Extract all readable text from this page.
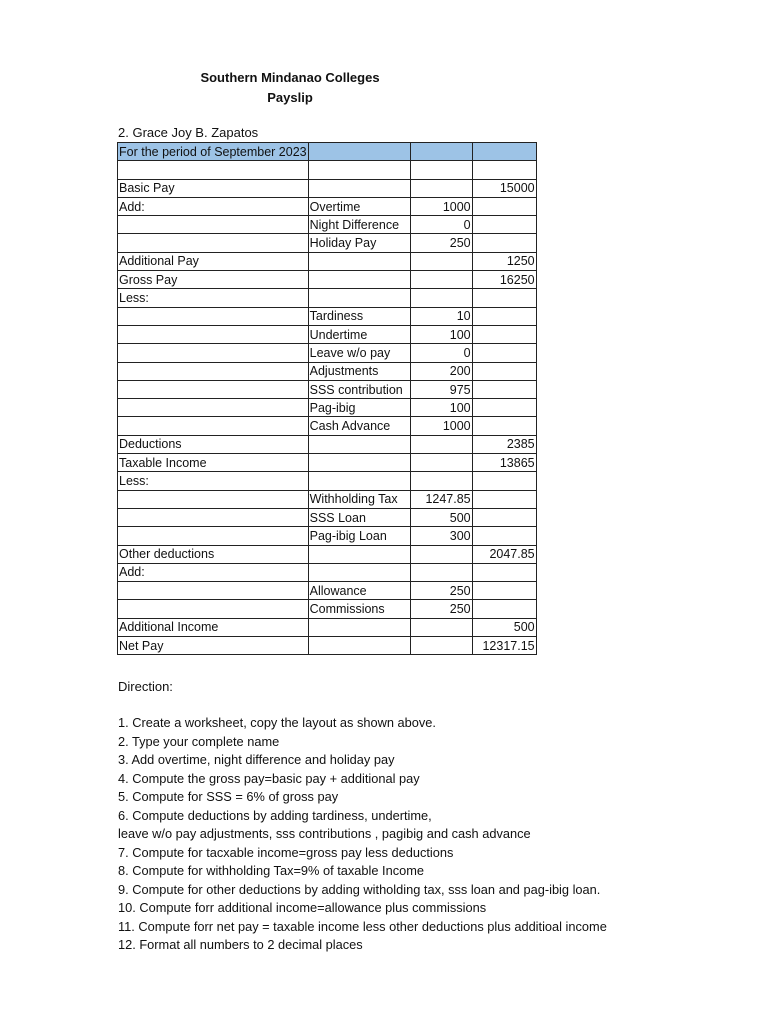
Southern Mindanao Colleges
Payslip
2. Grace Joy B. Zapatos
For the period of September 2023			

Basic Pay			15000
Add:	Overtime	1000	
	Night Difference	0	
	Holiday Pay	250	
Additional Pay			1250
Gross Pay			16250
Less:			
	Tardiness	10	
	Undertime	100	
	Leave w/o pay	0	
	Adjustments	200	
	SSS contribution	975	
	Pag-ibig	100	
	Cash Advance	1000	
Deductions			2385
Taxable Income			13865
Less:			
	Withholding Tax	1247.85	
	SSS Loan	500	
	Pag-ibig Loan	300	
Other deductions			2047.85
Add:			
	Allowance	250	
	Commissions	250	
Additional Income			500
Net Pay			12317.15
Direction:
1. Create a worksheet, copy the layout as shown above.
2. Type your complete name
3. Add overtime, night difference and holiday pay
4. Compute the gross pay=basic pay + additional pay
5. Compute for SSS = 6% of gross pay
6. Compute deductions by adding tardiness, undertime,
leave w/o pay adjustments, sss contributions , pagibig and cash advance
7. Compute for tacxable income=gross pay less deductions
8. Compute for withholding Tax=9% of taxable Income
9. Compute for other deductions by adding witholding tax, sss loan and pag-ibig loan.
10. Compute forr additional income=allowance plus commissions
11. Compute forr net pay = taxable income less other deductions plus additioal income
12. Format all numbers to 2 decimal places
